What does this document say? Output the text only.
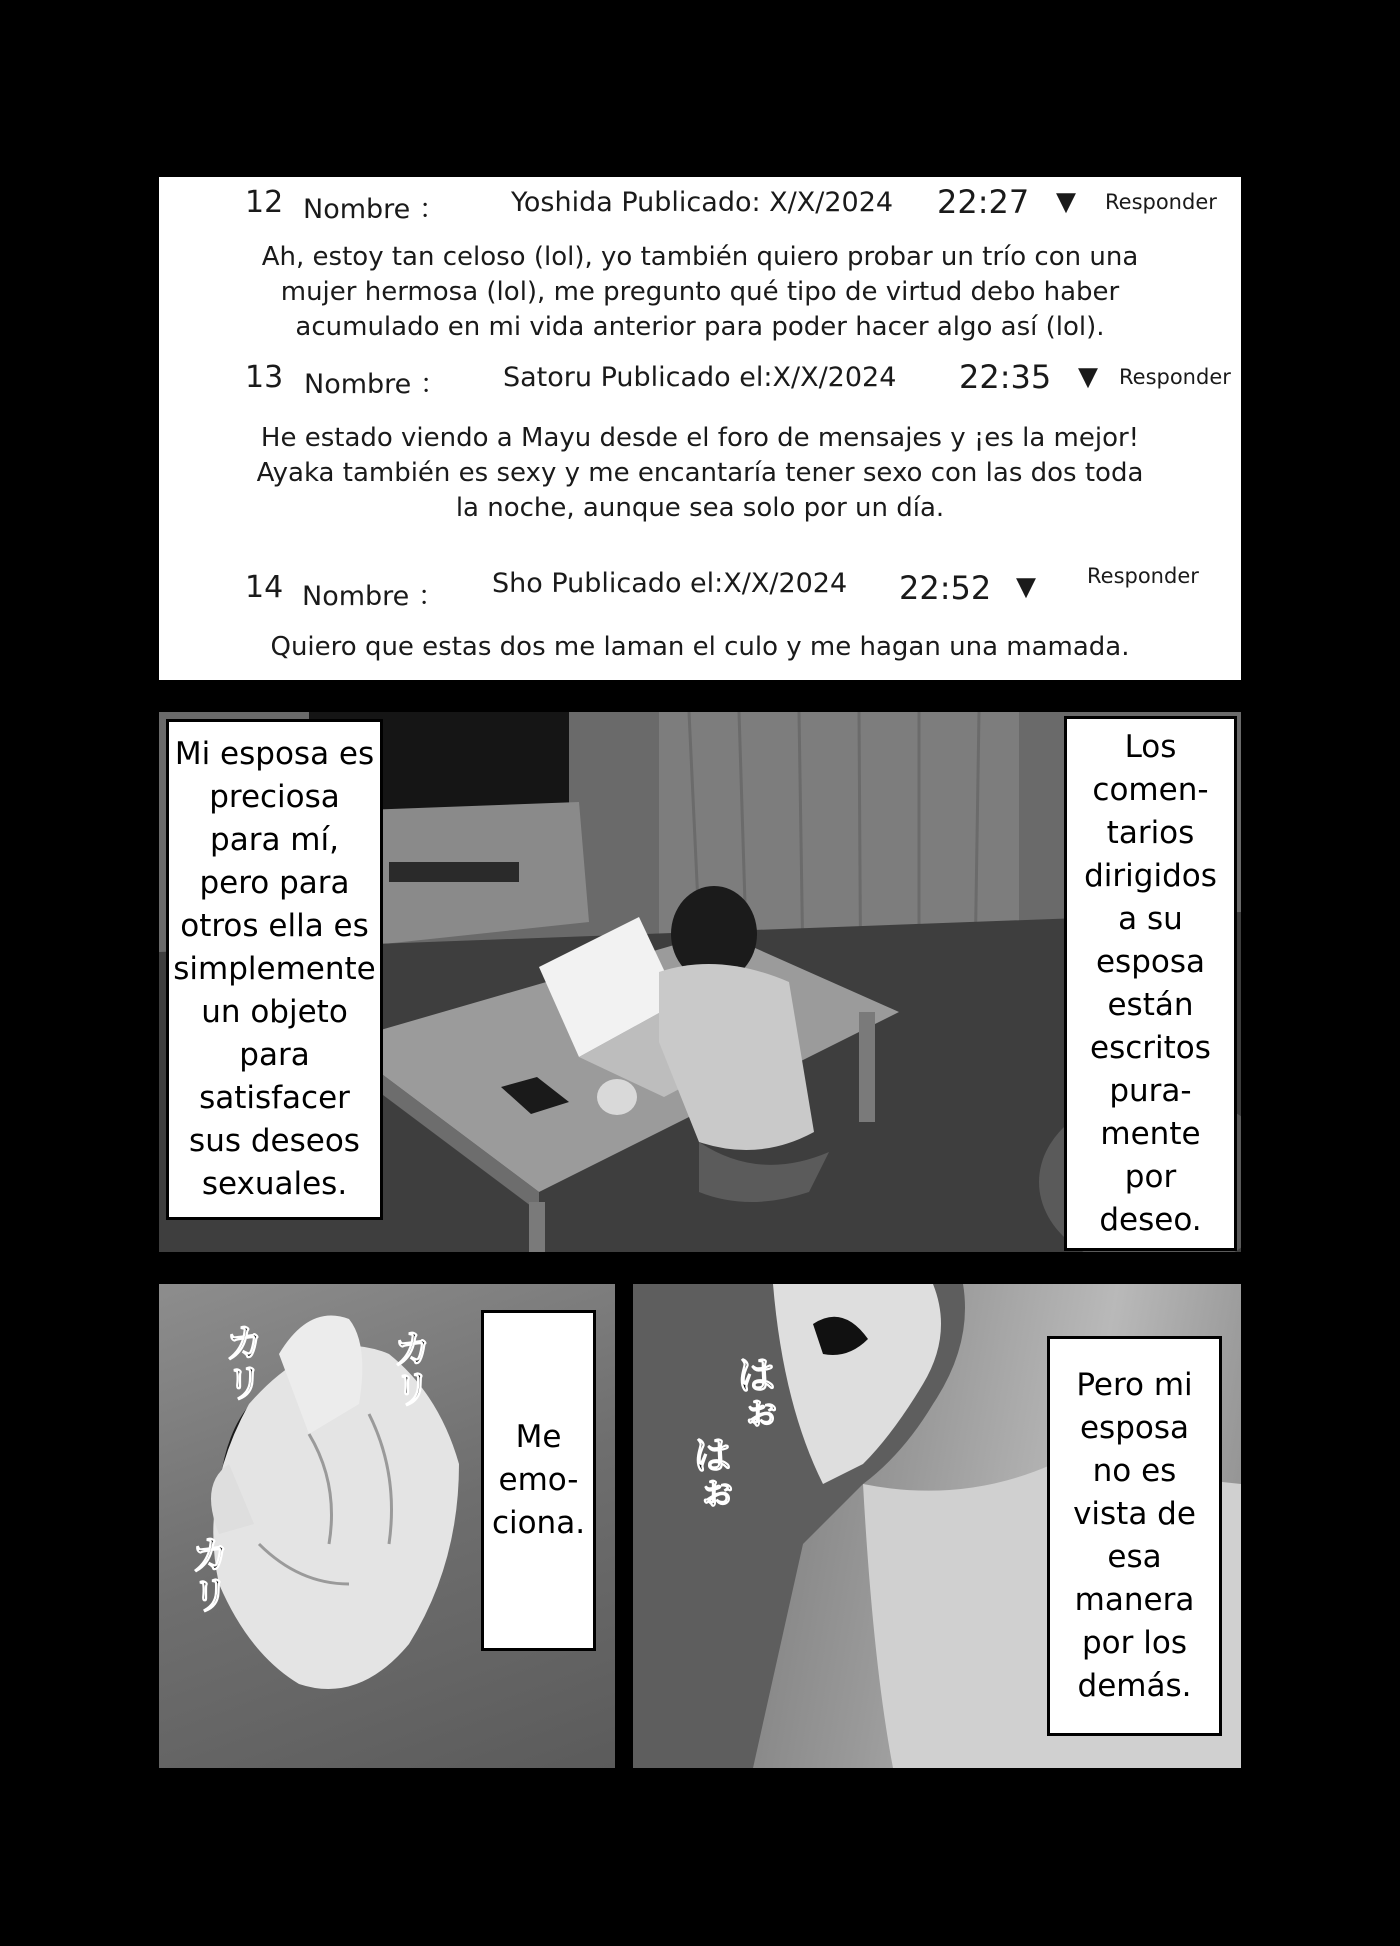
12 Nombre ： Yoshida Publicado: X/X/2024 22:27 ▼ Responder
Ah, estoy tan celoso (lol), yo también quiero probar un trío con una
mujer hermosa (lol), me pregunto qué tipo de virtud debo haber
acumulado en mi vida anterior para poder hacer algo así (lol).
13 Nombre ： Satoru Publicado el:X/X/2024 22:35 ▼ Responder
He estado viendo a Mayu desde el foro de mensajes y ¡es la mejor!
Ayaka también es sexy y me encantaría tener sexo con las dos toda
la noche, aunque sea solo por un día.
14 Nombre ： Sho Publicado el:X/X/2024 22:52 ▼ Responder
Quiero que estas dos me laman el culo y me hagan una mamada.
Mi esposa es
preciosa
para mí,
pero para
otros ella es
simplemente
un objeto
para
satisfacer
sus deseos
sexuales.
Los
comen-
tarios
dirigidos
a su
esposa
están
escritos
pura-
mente
por
deseo.
カリ	カリ
カリ
Me
emo-
ciona.
はぉ
はぉ
Pero mi
esposa
no es
vista de
esa
manera
por los
demás.
